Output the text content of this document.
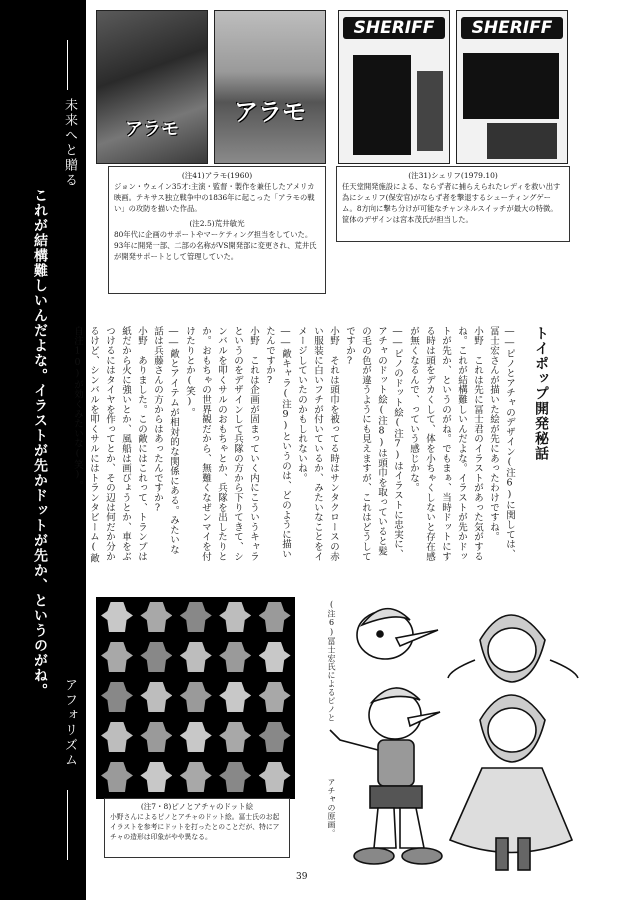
未来へと贈る
これが結構難しいんだよな。イラストが先かドットが先か、というのがね。
アフォリズム
アラモ
アラモ
SHERIFF	SHERIFF
(注41)アラモ(1960)
ジョン・ウェイン35才:主演・監督・製作を兼任したアメリカ映画。テキサス独立戦争中の1836年に起こった「アラモの戦い」の攻防を描いた作品。
(注2.5)荒井敏光
80年代に企画のサポートやマーケティング担当をしていた。93年に開発一部、二部の名称がVS開発部に変更され、荒井氏が開発サポートとして管理していた。
(注31)シェリフ(1979.10)
任天堂開発施設による、ならず者に捕らえられたレディを救い出す為にシェリフ(保安官)がならず者を撃退するシューティングゲーム。8方向に撃ち分けが可能なチャンネルスイッチが最大の特徴。筐体のデザインは宮本茂氏が担当した。
トイポップ開発秘話

――ピノとアチャのデザイン(注6)に関しては、冨士宏さんが描いた絵が先にあったわけですね。

小野　これは先に冨士君のイラストがあった気がするね。これが結構難しいんだよな。イラストが先かドットが先か、というのがね。でもまぁ、当時ドットにする時は頭をデカくして、体を小ちゃくしないと存在感が無くなるんで、っていう感じかな。

――ピノのドット絵(注7)はイラストに忠実に、アチャのドット絵(注8)は頭巾を取っていると髪の毛の色が違うようにも見えますが、これはどうしてですか?

小野　それは頭巾を被ってる時はサンタクロースの赤い服装に白いフチが付いているか、みたいなことをイメージしていたのかもしれないね。

――敵キャラ(注9)というのは、どのように描いたんですか?

小野　これは企画が固まっていく内にこういうキャラというのをデザインして兵隊の方から下りてきて、シンバルを叩くサルのおもちゃとか、兵隊を出したりとか。おもちゃの世界観だから、無難くなぜンマイを付けたりとか(笑)。

――敵とアイテムが相対的な関係にある。みたいな話は兵藤さんの方からはあったんですか?

小野　ありました。この敵にはこれって、トランプは紙だから火に強いとか、風船は画びょうとか、車をぶつけるにはタイヤを作ってとか、その辺は何だか分かるけど、シンバルを叩くサルにはトランタビーム(敵自注10)が効くみたいな(笑)。

(注7・8)ピノとアチャのドット絵
小野さんによるピノとアチャのドット絵。冨士氏のお起イラストを参考にドットを打ったとのことだが、特にアチャの造形は印象がやや異なる。
(注6)冨士宏氏によるピノと
アチャの原画。
39
